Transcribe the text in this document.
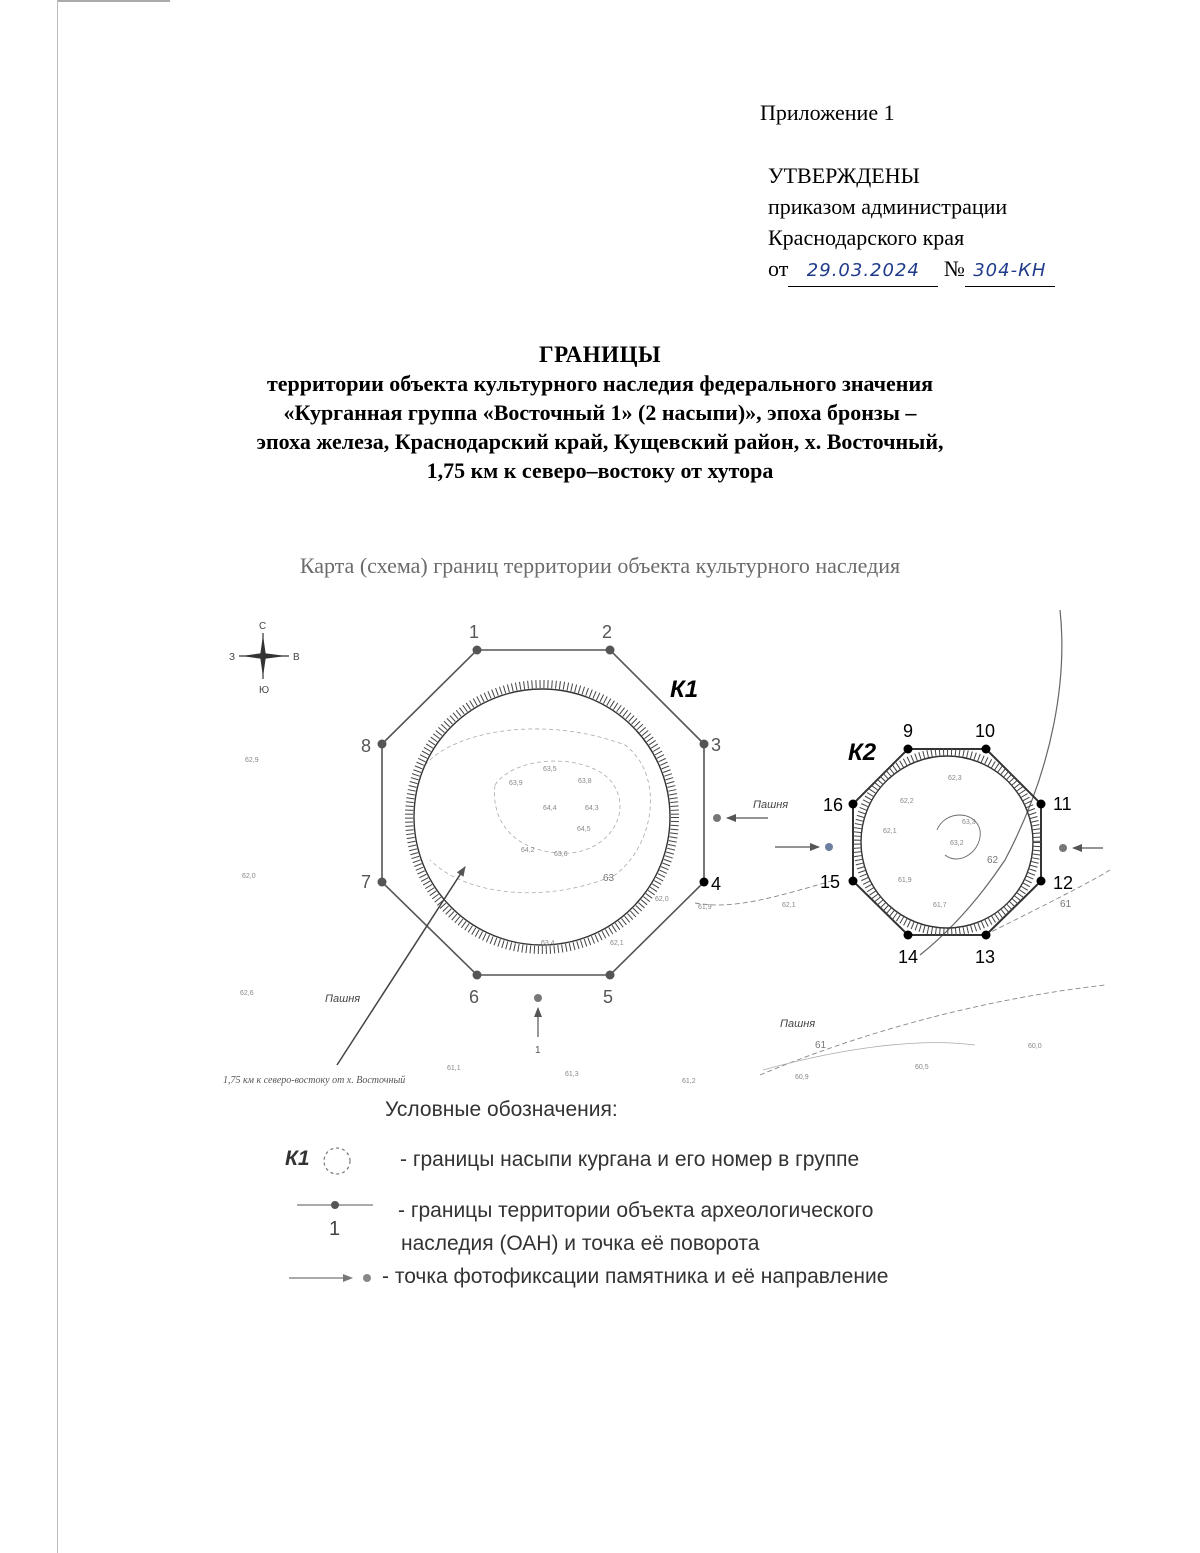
Приложение 1
УТВЕРЖДЕНЫ
приказом администрации
Краснодарского края
от 29.03.2024 № 304-КН
ГРАНИЦЫ
территории объекта культурного наследия федерального значения
«Курганная группа «Восточный 1» (2 насыпи)», эпоха бронзы –
эпоха железа, Краснодарский край, Кущевский район, х. Восточный,
1,75 км к северо–востоку от хутора
Карта (схема) границ территории объекта культурного наследия
С
Ю
З	В
1	2
3
4
5
6
7
8
9	10
11
12
13
14
15
16
К1
К2
Пашня
1
1,75 км к северо-востоку от х. Восточный
Пашня
Пашня
63
62
61
61
62,9
62,0
62,6
61,9	62,1
61,1
61,3
61,2
60,9
60,5
60,0
63,9
63,5
63,8
64,4	64,3
64,5
64,2
63,6
62,0
62,1
63,4
62,2
62,1
61,9
61,7
63,3
63,2
62,3
Условные обозначения:
К1	- границы насыпи кургана и его номер в группе
1
- границы территории объекта археологического
наследия (ОАН) и точка её поворота
- точка фотофиксации памятника и её направление
